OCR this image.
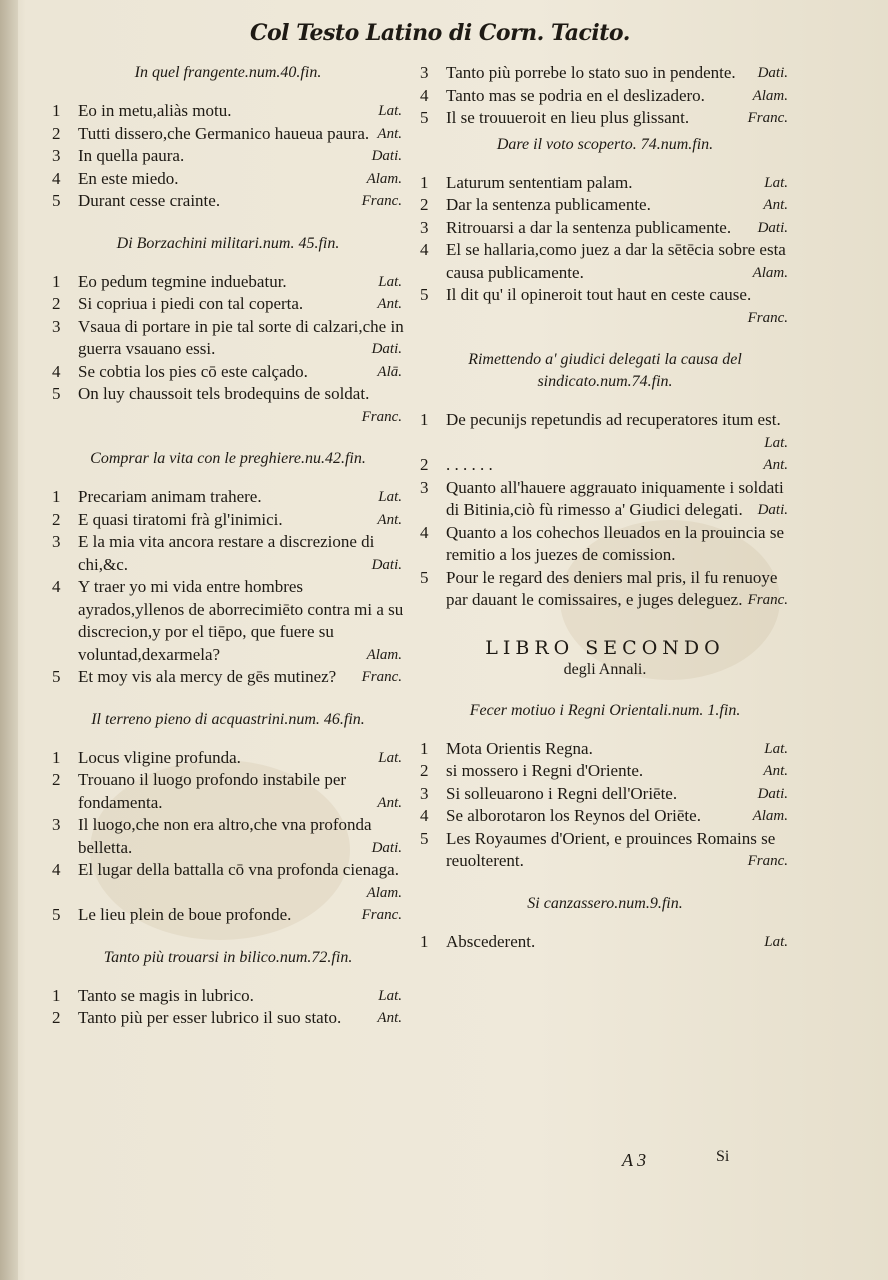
Col Testo Latino di Corn. Tacito.
In quel frangente.num.40.fin.
1	Eo in metu,aliàs motu.	Lat.
2	Tutti dissero,che Germanico haueua paura. Ant.
3	In quella paura.	Dati.
4	En este miedo.	Alam.
5	Durant cesse crainte.	Franc.
Di Borzachini militari.num. 45.fin.
1	Eo pedum tegmine induebatur.	Lat.
2	Si copriua i piedi con tal coperta.	Ant.
3	Vsaua di portare in pie tal sorte di calzari,che in guerra vsauano essi.	Dati.
4	Se cobtia los pies cō este calçado.	Alā.
5	On luy chaussoit tels brodequins de soldat.
Franc.
Comprar la vita con le preghiere.nu.42.fin.
1	Precariam animam trahere.	Lat.
2	E quasi tiratomi frà gl'inimici.	Ant.
3	E la mia vita ancora restare a discrezione di chi,&c.	Dati.
4	Y traer yo mi vida entre hombres ayrados,yllenos de aborrecimiēto contra mi a su discrecion,y por el tiēpo, que fuere su voluntad,dexarmela?	Alam.
5	Et moy vis ala mercy de gēs mutinez? Franc.
Il terreno pieno di acquastrini.num. 46.fin.
1	Locus vligine profunda.	Lat.
2	Trouano il luogo profondo instabile per fondamenta.	Ant.
3	Il luogo,che non era altro,che vna profonda belletta.	Dati.
4	El lugar della battalla cō vna profonda cienaga.
Alam.
5	Le lieu plein de boue profonde.	Franc.
Tanto più trouarsi in bilico.num.72.fin.
1	Tanto se magis in lubrico.	Lat.
2	Tanto più per esser lubrico il suo stato. Ant.
3	Tanto più porrebe lo stato suo in pendente. Dati.
4	Tanto mas se podria en el deslizadero.	Alam.
5	Il se trouueroit en lieu plus glissant.	Franc.
Dare il voto scoperto. 74.num.fin.
1	Laturum sententiam palam.	Lat.
2	Dar la sentenza publicamente.	Ant.
3	Ritrouarsi a dar la sentenza publicamente. Dati.
4	El se hallaria,como juez a dar la sētēcia sobre esta causa publicamente.	Alam.
5	Il dit qu' il opineroit tout haut en ceste cause.
Franc.
Rimettendo a' giudici delegati la causa del sindicato.num.74.fin.
1	De pecunijs repetundis ad recuperatores itum est.
Lat.
2	. . . . . .	Ant.
3	Quanto all'hauere aggrauato iniquamente i soldati di Bitinia,ciò fù rimesso a' Giudici delegati. Dati.
4	Quanto a los cohechos lleuados en la prouincia se remitio a los juezes de comission.
5	Pour le regard des deniers mal pris, il fu renuoye par dauant le comissaires, e juges deleguez. Franc.
LIBRO SECONDO
degli Annali.
Fecer motiuo i Regni Orientali.num. 1.fin.
1	Mota Orientis Regna.	Lat.
2	si mossero i Regni d'Oriente.	Ant.
3	Si solleuarono i Regni dell'Oriēte.	Dati.
4	Se alborotaron los Reynos del Oriēte.	Alam.
5	Les Royaumes d'Orient, e prouinces Romains se reuolterent.	Franc.
Si canzassero.num.9.fin.
1	Abscederent.	Lat.
A 3	Si
